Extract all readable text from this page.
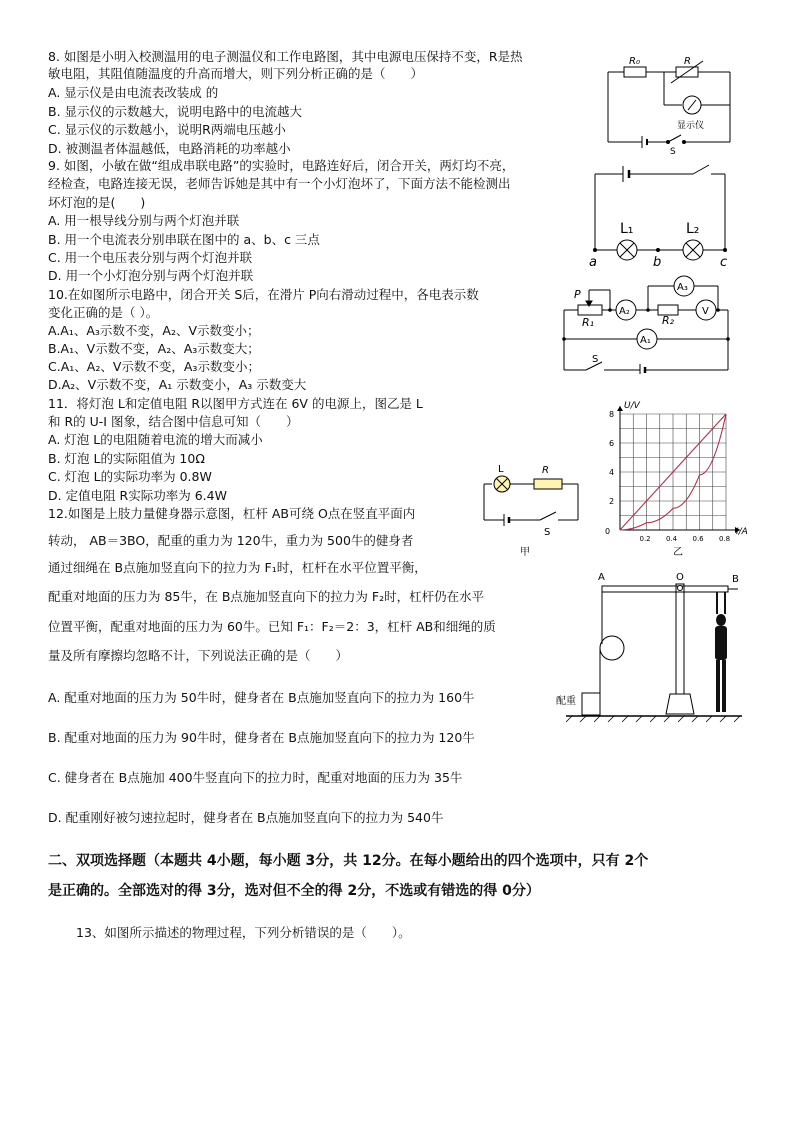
8. 如图是小明入校测温用的电子测温仪和工作电路图，其中电源电压保持不变，R是热
敏电阻，其阻值随温度的升高而增大，则下列分析正确的是（　　）
A. 显示仪是由电流表改装成 的
B. 显示仪的示数越大，说明电路中的电流越大
C. 显示仪的示数越小，说明R两端电压越小
D. 被测温者体温越低，电路消耗的功率越小
R₀	R
显示仪
S
9. 如图，小敏在做“组成串联电路”的实验时，电路连好后，闭合开关，两灯均不亮，
经检查，电路连接无误，老师告诉她是其中有一个小灯泡坏了，下面方法不能检测出
坏灯泡的是(　　)
A. 用一根导线分别与两个灯泡并联
B. 用一个电流表分别串联在图中的 a、b、c 三点
C. 用一个电压表分别与两个灯泡并联
D. 用一个小灯泡分别与两个灯泡并联
L₁	L₂
a	b	c
10.在如图所示电路中，闭合开关 S后，在滑片 P向右滑动过程中，各电表示数
变化正确的是（ ）。
A.A₁、A₃示数不变，A₂、V示数变小；
B.A₁、V示数不变，A₂、A₃示数变大；
C.A₁、A₂、V示数不变，A₃示数变小；
D.A₂、V示数不变，A₁ 示数变小，A₃ 示数变大
P
R₁	R₂
A₂
A₃
A₁
V
S
11．将灯泡 L和定值电阻 R以图甲方式连在 6V 的电源上，图乙是 L
和 R的 U-I 图象，结合图中信息可知（　　）
A. 灯泡 L的电阻随着电流的增大而减小
B. 灯泡 L的实际阻值为 10Ω
C. 灯泡 L的实际功率为 0.8W
D. 定值电阻 R实际功率为 6.4W
L	R
S
甲
2
4
6
8
0.2 0.4 0.6 0.8
U/V
I/A
0
乙
12.如图是上肢力量健身器示意图，杠杆 AB可绕 O点在竖直平面内
转动， AB＝3BO，配重的重力为 120牛，重力为 500牛的健身者
通过细绳在 B点施加竖直向下的拉力为 F₁时，杠杆在水平位置平衡，
配重对地面的压力为 85牛，在 B点施加竖直向下的拉力为 F₂时，杠杆仍在水平
位置平衡，配重对地面的压力为 60牛。已知 F₁：F₂＝2：3，杠杆 AB和细绳的质
量及所有摩擦均忽略不计，下列说法正确的是（　　）
A. 配重对地面的压力为 50牛时，健身者在 B点施加竖直向下的拉力为 160牛
B. 配重对地面的压力为 90牛时，健身者在 B点施加竖直向下的拉力为 120牛
C. 健身者在 B点施加 400牛竖直向下的拉力时，配重对地面的压力为 35牛
D. 配重刚好被匀速拉起时，健身者在 B点施加竖直向下的拉力为 540牛
A	O	B
配重
二、双项选择题（本题共 4小题，每小题 3分，共 12分。在每小题给出的四个选项中，只有 2个
是正确的。全部选对的得 3分，选对但不全的得 2分，不选或有错选的得 0分）
13、如图所示描述的物理过程，下列分析错误的是（　　）。
